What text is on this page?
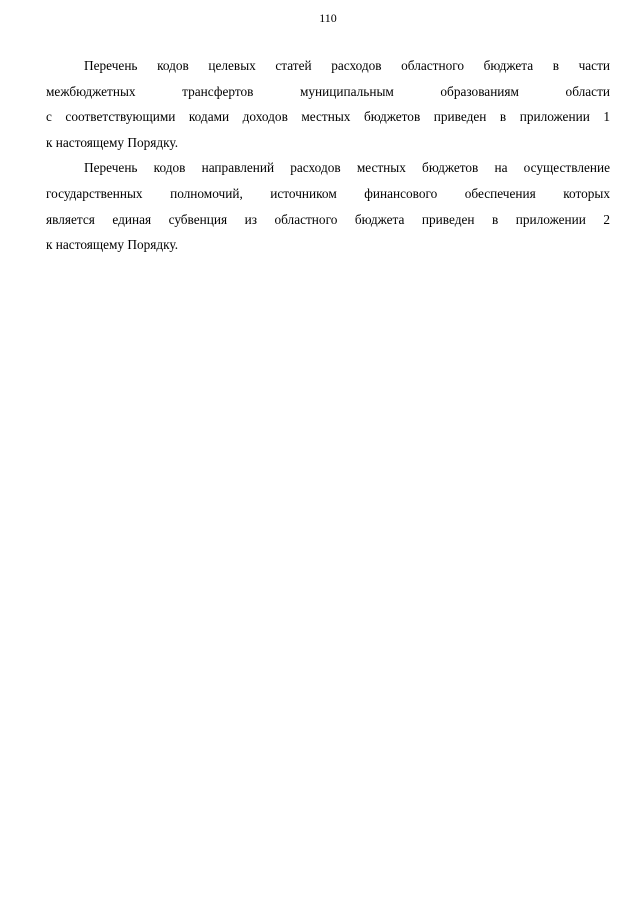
110
Перечень кодов целевых статей расходов областного бюджета в части
межбюджетных трансфертов муниципальным образованиям области
с соответствующими кодами доходов местных бюджетов приведен в приложении 1
к настоящему Порядку.
Перечень кодов направлений расходов местных бюджетов на осуществление
государственных полномочий, источником финансового обеспечения которых
является единая субвенция из областного бюджета приведен в приложении 2
к настоящему Порядку.
